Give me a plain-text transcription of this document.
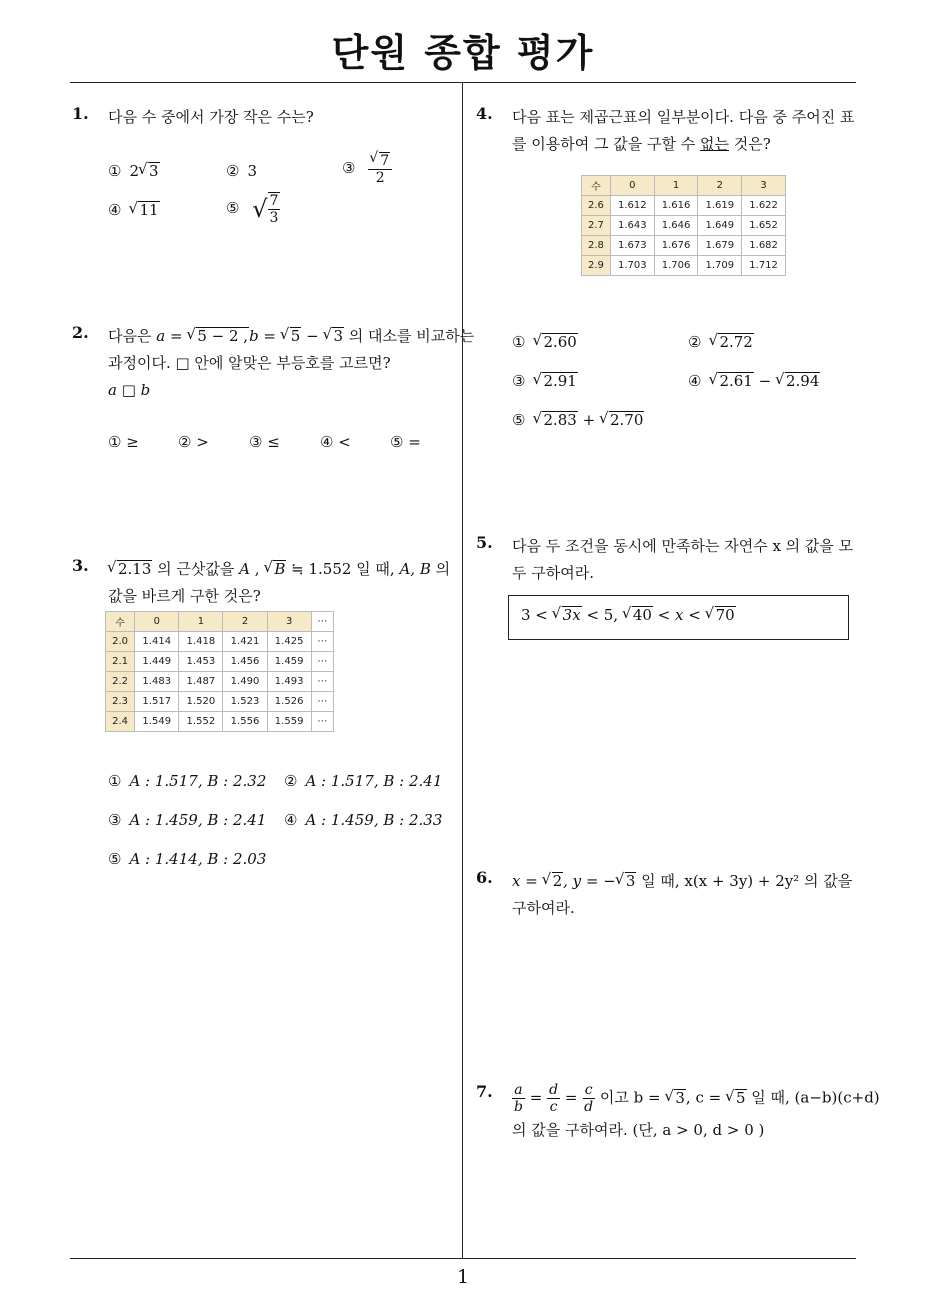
단원 종합 평가
1
1. 다음 수 중에서 가장 작은 수는?
① 2 √ 3	② 3	③ √ $\frac{7}{2}$
④ √ 11	⑤ √ $\frac{7}{3}$
2. 다음은 a = √ 5 − 2 ,b = √ 5 − √ 3 의 대소를 비교하는
과정이다. □ 안에 알맞은 부등호를 고르면?
a □ b
① ≥	② >	③ ≤	④ <	⑤ =
3.	√ 2.13 의 근삿값을 A , √ B ≒ 1.552 일 때, A, B 의
값을 바르게 구한 것은?
수	0	1	2	3	⋯
2.0	1.414	1.418	1.421	1.425	⋯
2.1	1.449	1.453	1.456	1.459	⋯
2.2	1.483	1.487	1.490	1.493	⋯
2.3	1.517	1.520	1.523	1.526	⋯
2.4	1.549	1.552	1.556	1.559	⋯
① A : 1.517, B : 2.32 ② A : 1.517, B : 2.41
③ A : 1.459, B : 2.41 ④ A : 1.459, B : 2.33
⑤ A : 1.414, B : 2.03
4. 다음 표는 제곱근표의 일부분이다. 다음 중 주어진 표
를 이용하여 그 값을 구할 수 없는 것은?
수	0	1	2	3
2.6	1.612	1.616	1.619	1.622
2.7	1.643	1.646	1.649	1.652
2.8	1.673	1.676	1.679	1.682
2.9	1.703	1.706	1.709	1.712
① √ 2.60	② √ 2.72
③ √ 2.91	④ √ 2.61 − √ 2.94
⑤ √ 2.83 + √ 2.70
5. 다음 두 조건을 동시에 만족하는 자연수 x 의 값을 모
두 구하여라.
3 < √ 3x < 5, √ 40 < x < √ 70
6. x = √ 2, y = − √ 3 일 때, x(x + 3y) + 2y² 의 값을
구하여라.
7. $\frac{a}{b} = \frac{d}{c} = \frac{c}{d}$ 이고 b = √ 3, c = √ 5 일 때, (a−b)(c+d)
의 값을 구하여라. (단, a > 0, d > 0 )
